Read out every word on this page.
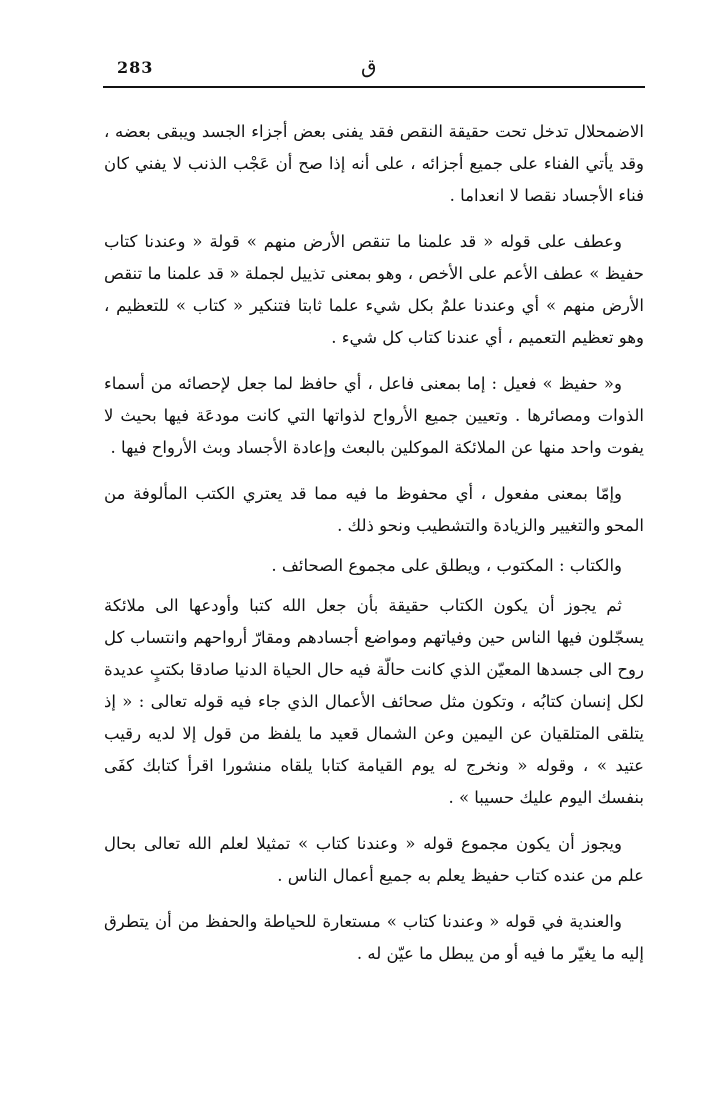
283	ق

الاضمحلال تدخل تحت حقيقة النقص فقد يفنى بعض أجزاء الجسد ويبقى بعضه ، وقد يأتي الفناء على جميع أجزائه ، على أنه إذا صح أن عَجْب الذنب لا يفني كان فناء الأجساد نقصا لا انعداما .

وعطف على قوله « قد علمنا ما تنقص الأرض منهم » قولة « وعندنا كتاب حفيظ » عطف الأعم على الأخص ، وهو بمعنى تذييل لجملة « قد علمنا ما تنقص الأرض منهم » أي وعندنا علمٌ بكل شيء علما ثابتا فتنكير « كتاب » للتعظيم ، وهو تعظيم التعميم ، أي عندنا كتاب كل شيء .

و« حفيظ » فعيل : إما بمعنى فاعل ، أي حافظ لما جعل لإحصائه من أسماء الذوات ومصائرها . وتعيين جميع الأرواح لذواتها التي كانت مودعَة فيها بحيث لا يفوت واحد منها عن الملائكة الموكلين بالبعث وإعادة الأجساد وبث الأرواح فيها .

وإمّا بمعنى مفعول ، أي محفوظ ما فيه مما قد يعتري الكتب المألوفة من المحو والتغيير والزيادة والتشطيب ونحو ذلك .

والكتاب : المكتوب ، ويطلق على مجموع الصحائف .

ثم يجوز أن يكون الكتاب حقيقة بأن جعل الله كتبا وأودعها الى ملائكة يسجّلون فيها الناس حين وفياتهم ومواضع أجسادهم ومقارّ أرواحهم وانتساب كل روح الى جسدها المعيّن الذي كانت حالّة فيه حال الحياة الدنيا صادقا بكتبٍ عديدة لكل إنسان كتابُه ، وتكون مثل صحائف الأعمال الذي جاء فيه قوله تعالى : « إذ يتلقى المتلقيان عن اليمين وعن الشمال قعيد ما يلفظ من قول إلا لديه رقيب عتيد » ، وقوله « ونخرج له يوم القيامة كتابا يلقاه منشورا اقرأ كتابك كفَى بنفسك اليوم عليك حسيبا » .

ويجوز أن يكون مجموع قوله « وعندنا كتاب » تمثيلا لعلم الله تعالى بحال علم من عنده كتاب حفيظ يعلم به جميع أعمال الناس .

والعندية في قوله « وعندنا كتاب » مستعارة للحياطة والحفظ من أن يتطرق إليه ما يغيّر ما فيه أو من يبطل ما عيّن له .
